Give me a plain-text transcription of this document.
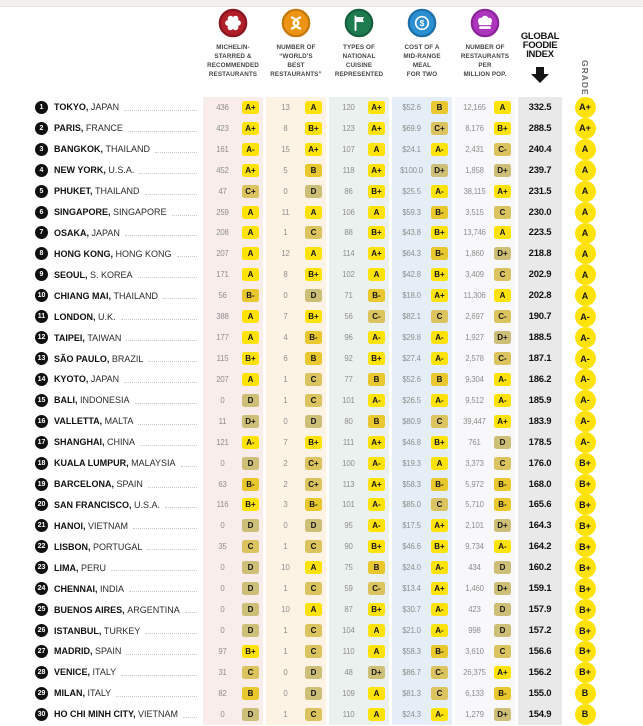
MICHELIN-
STARRED &
RECOMMENDED
RESTAURANTS
NUMBER OF
“WORLD'S
BEST
RESTAURANTS”
TYPES OF
NATIONAL
CUISINE
REPRESENTED
$
COST OF A
MID-RANGE
MEAL
FOR TWO
NUMBER OF
RESTAURANTS
PER
MILLION POP.
GLOBAL
FOODIE
INDEX
GRADE
1	TOKYO, JAPAN	436	A+	13	A	120	A+	$52.6	B	12,165	A	332.5	A+
2	PARIS, FRANCE	423	A+	8	B+	123	A+	$69.9	C+	8,176	B+	288.5	A+
3	BANGKOK, THAILAND	161	A-	15	A+	107	A	$24.1	A-	2,431	C-	240.4	A
4	NEW YORK, U.S.A.	452	A+	5	B	118	A+	$100.0	D+	1,858	D+	239.7	A
5	PHUKET, THAILAND	47	C+	0	D	86	B+	$25.5	A-	38,115	A+	231.5	A
6	SINGAPORE, SINGAPORE	259	A	11	A	106	A	$59.3	B-	3,515	C	230.0	A
7	OSAKA, JAPAN	208	A	1	C	88	B+	$43.8	B+	13,746	A	223.5	A
8	HONG KONG, HONG KONG	207	A	12	A	114	A+	$64.3	B-	1,860	D+	218.8	A
9	SEOUL, S. KOREA	171	A	8	B+	102	A	$42.8	B+	3,409	C	202.9	A
10 CHIANG MAI, THAILAND	56	B-	0	D	71	B-	$18.0	A+	11,306	A	202.8	A
11 LONDON, U.K.	388	A	7	B+	56	C-	$82.1	C	2,697	C-	190.7	A-
12 TAIPEI, TAIWAN	177	A	4	B-	96	A-	$29.8	A-	1,927	D+	188.5	A-
13 SÃO PAULO, BRAZIL	115	B+	6	B	92	B+	$27.4	A-	2,578	C-	187.1	A-
14 KYOTO, JAPAN	207	A	1	C	77	B	$52.6	B	9,304	A-	186.2	A-
15 BALI, INDONESIA	0	D	1	C	101	A-	$26.5	A-	9,512	A-	185.9	A-
16 VALLETTA, MALTA	11	D+	0	D	80	B	$80.9	C	39,447	A+	183.9	A-
17 SHANGHAI, CHINA	121	A-	7	B+	111	A+	$46.8	B+	761	D	178.5	A-
18 KUALA LUMPUR, MALAYSIA	0	D	2	C+	100	A-	$19.3	A	3,373	C	176.0	B+
19 BARCELONA, SPAIN	63	B-	2	C+	113	A+	$58.3	B-	5,972	B-	168.0	B+
20 SAN FRANCISCO, U.S.A.	116	B+	3	B-	101	A-	$85.0	C	5,710	B-	165.6	B+
21 HANOI, VIETNAM	0	D	0	D	95	A-	$17.5	A+	2,101	D+	164.3	B+
22 LISBON, PORTUGAL	35	C	1	C	90	B+	$46.6	B+	9,734	A-	164.2	B+
23 LIMA, PERU	0	D	10	A	75	B	$24.0	A-	434	D	160.2	B+
24 CHENNAI, INDIA	0	D	1	C	59	C-	$13.4	A+	1,460	D+	159.1	B+
25 BUENOS AIRES, ARGENTINA	0	D	10	A	87	B+	$30.7	A-	423	D	157.9	B+
26 ISTANBUL, TURKEY	0	D	1	C	104	A	$21.0	A-	998	D	157.2	B+
27 MADRID, SPAIN	97	B+	1	C	110	A	$58.3	B-	3,610	C	156.6	B+
28 VENICE, ITALY	31	C	0	D	48	D+	$86.7	C-	26,375	A+	156.2	B+
29 MILAN, ITALY	82	B	0	D	109	A	$81.3	C	6,133	B-	155.0	B
30 HO CHI MINH CITY, VIETNAM	0	D	1	C	110	A	$24.3	A-	1,279	D+	154.9	B
